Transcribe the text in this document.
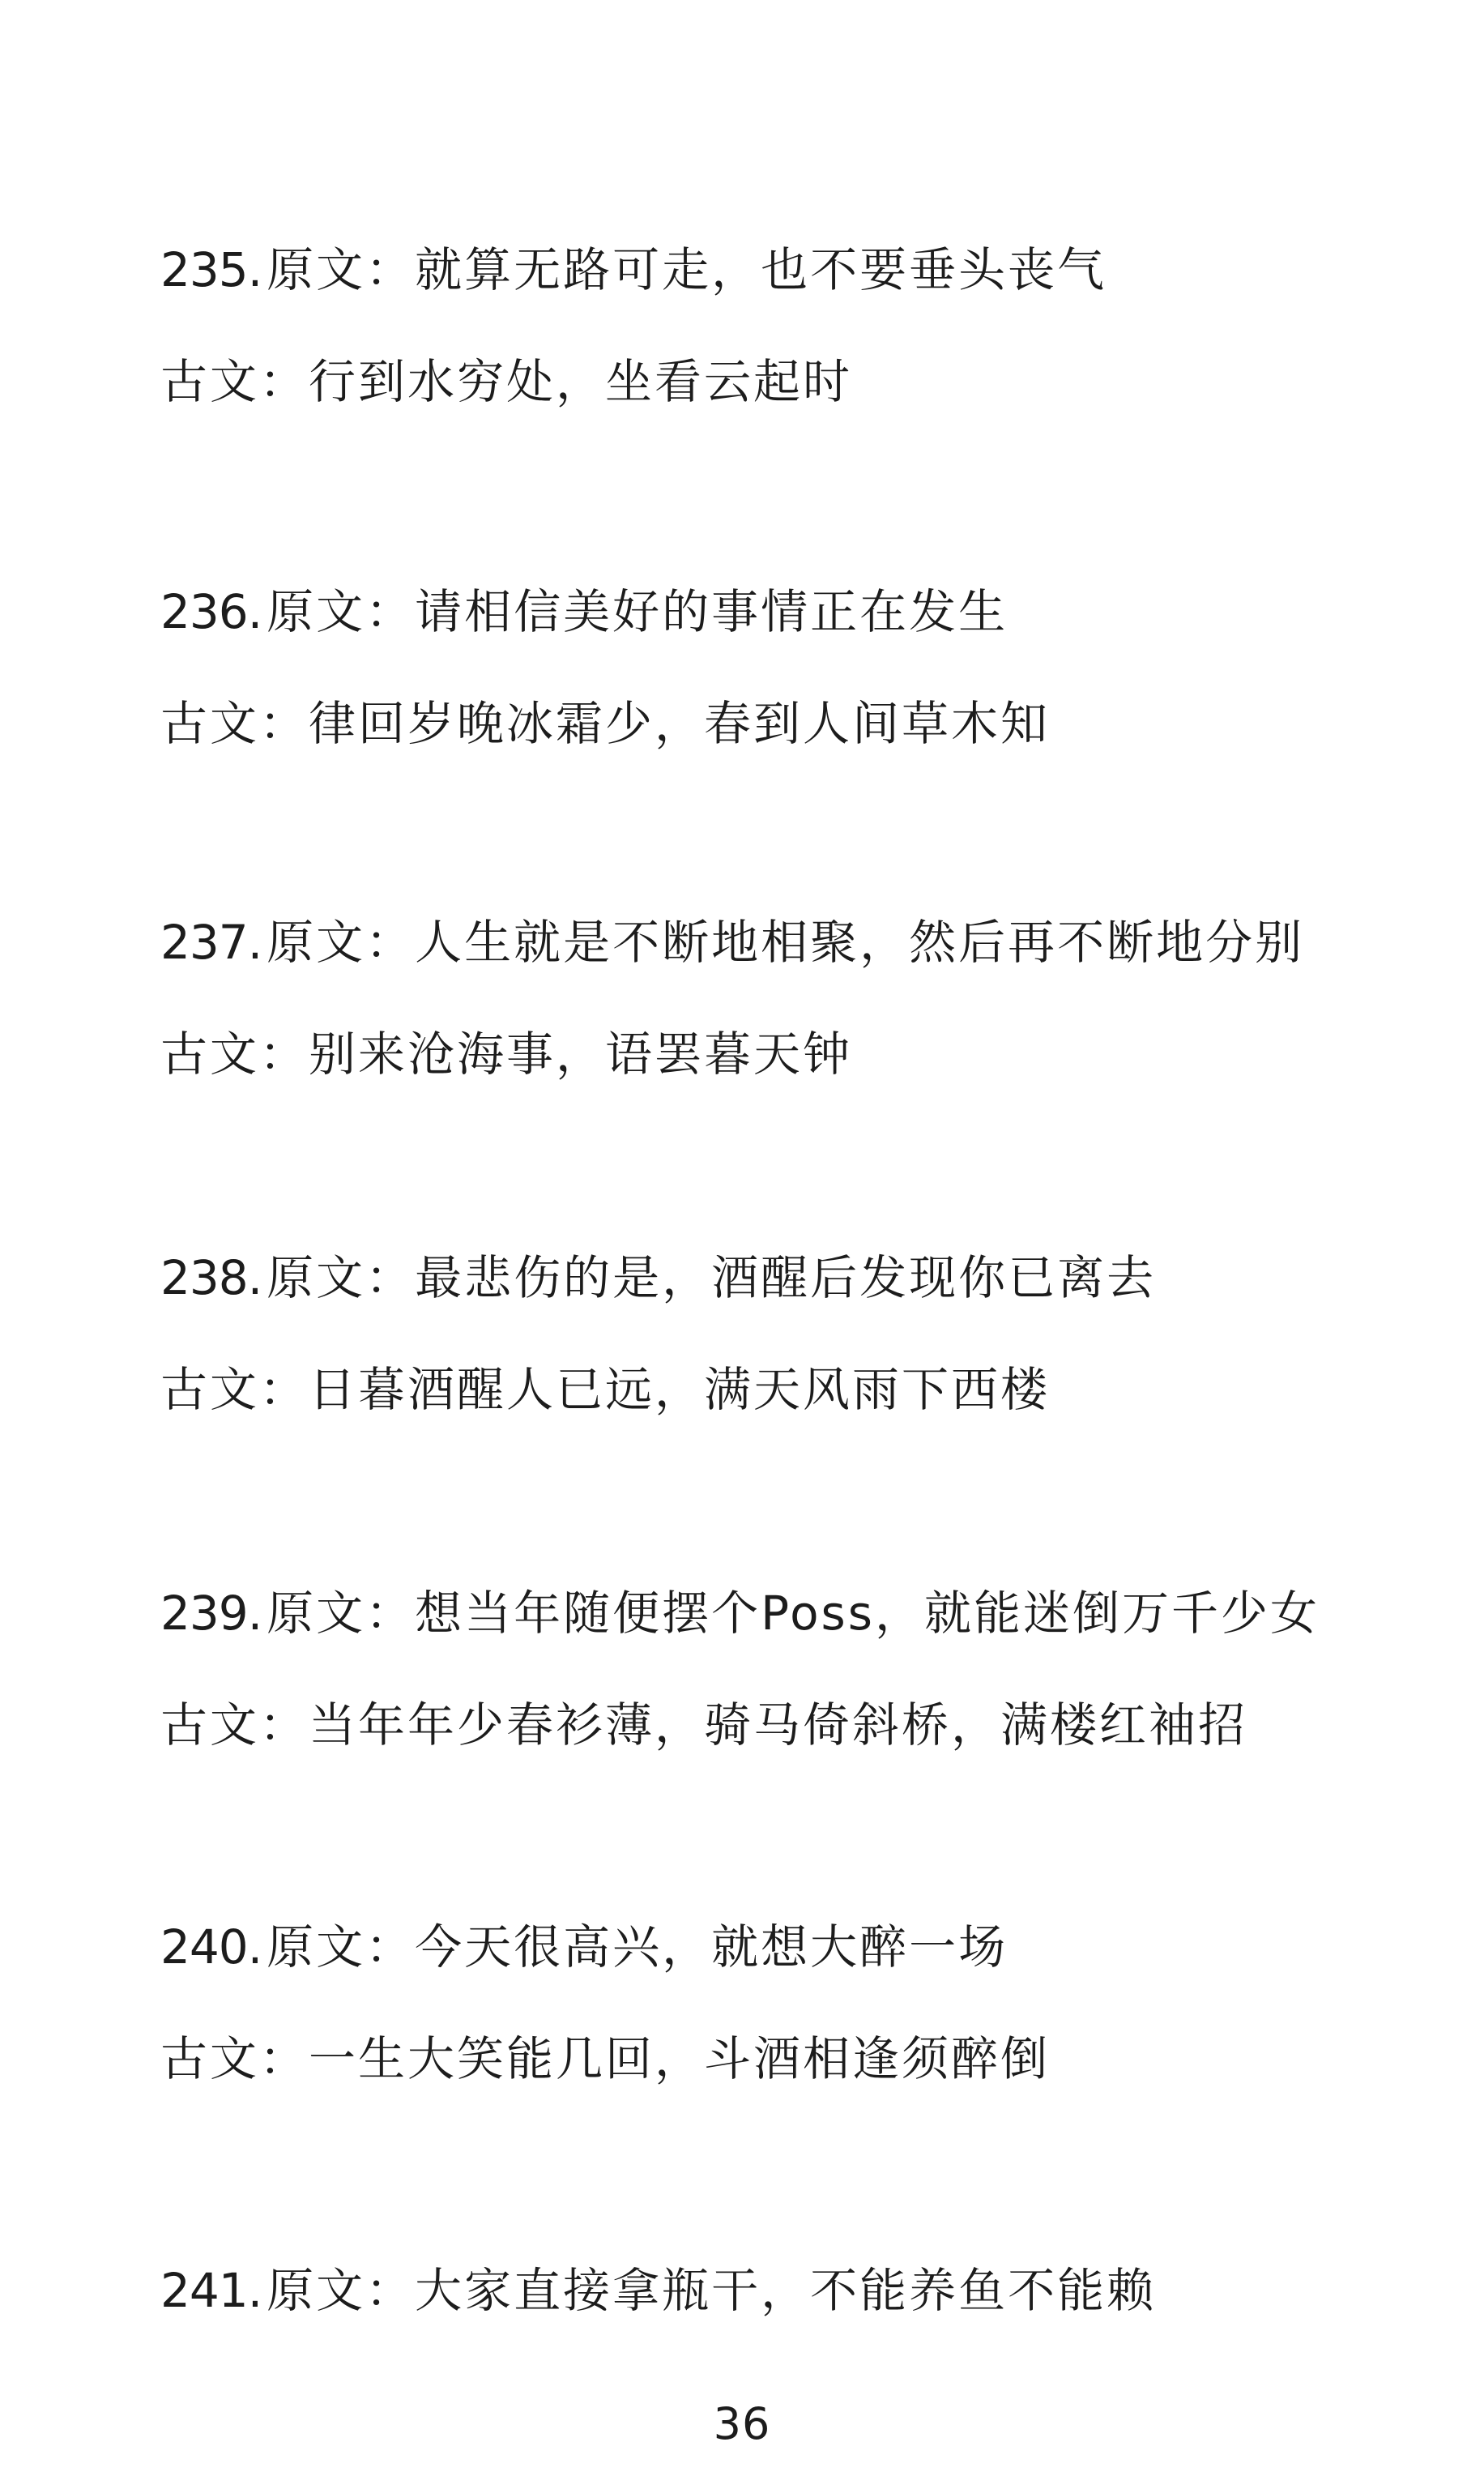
235. 原文： 就算无路可走，也不要垂头丧气
古文： 行到水穷处，坐看云起时
236. 原文： 请相信美好的事情正在发生
古文： 律回岁晚冰霜少，春到人间草木知
237. 原文： 人生就是不断地相聚，然后再不断地分别
古文： 别来沧海事，语罢暮天钟
238. 原文： 最悲伤的是，酒醒后发现你已离去
古文： 日暮酒醒人已远，满天风雨下西楼
239. 原文： 想当年随便摆个Poss，就能迷倒万千少女
古文： 当年年少春衫薄，骑马倚斜桥，满楼红袖招
240. 原文： 今天很高兴，就想大醉一场
古文： 一生大笑能几回，斗酒相逢须醉倒
241. 原文： 大家直接拿瓶干，不能养鱼不能赖
36
